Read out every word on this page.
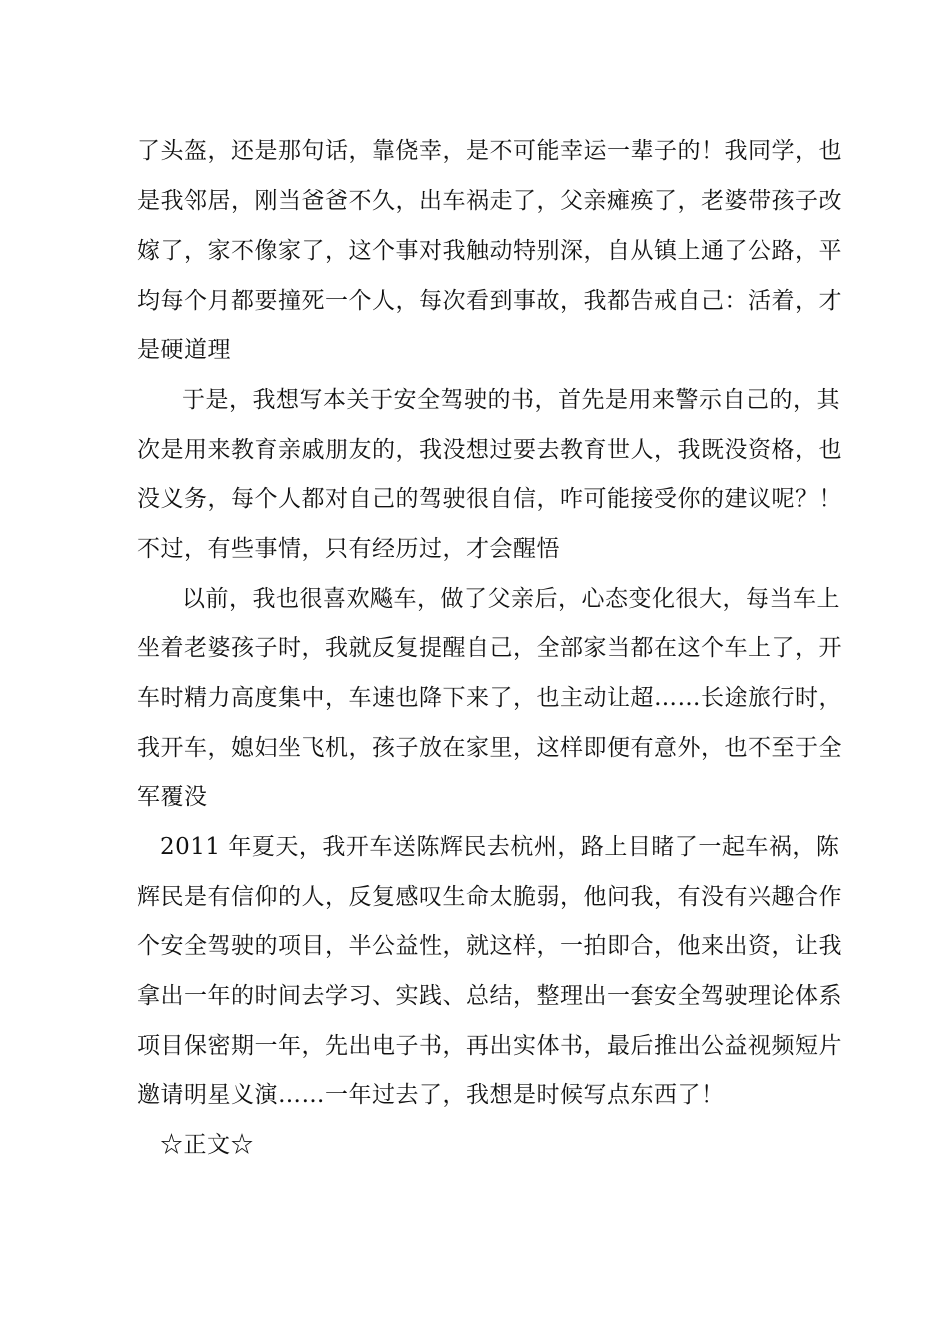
了头盔，还是那句话，靠侥幸，是不可能幸运一辈子的！我同学，也
是我邻居，刚当爸爸不久，出车祸走了，父亲瘫痪了，老婆带孩子改
嫁了，家不像家了，这个事对我触动特别深，自从镇上通了公路，平
均每个月都要撞死一个人，每次看到事故，我都告戒自己：活着，才
是硬道理
于是，我想写本关于安全驾驶的书，首先是用来警示自己的，其
次是用来教育亲戚朋友的，我没想过要去教育世人，我既没资格，也
没义务，每个人都对自己的驾驶很自信，咋可能接受你的建议呢？！
不过，有些事情，只有经历过，才会醒悟
以前，我也很喜欢飚车，做了父亲后，心态变化很大，每当车上
坐着老婆孩子时，我就反复提醒自己，全部家当都在这个车上了，开
车时精力高度集中，车速也降下来了，也主动让超……长途旅行时，
我开车，媳妇坐飞机，孩子放在家里，这样即便有意外，也不至于全
军覆没
2011 年夏天，我开车送陈辉民去杭州，路上目睹了一起车祸，陈
辉民是有信仰的人，反复感叹生命太脆弱，他问我，有没有兴趣合作
个安全驾驶的项目，半公益性，就这样，一拍即合，他来出资，让我
拿出一年的时间去学习、实践、总结，整理出一套安全驾驶理论体系
项目保密期一年，先出电子书，再出实体书，最后推出公益视频短片
邀请明星义演……一年过去了，我想是时候写点东西了！
☆正文☆
